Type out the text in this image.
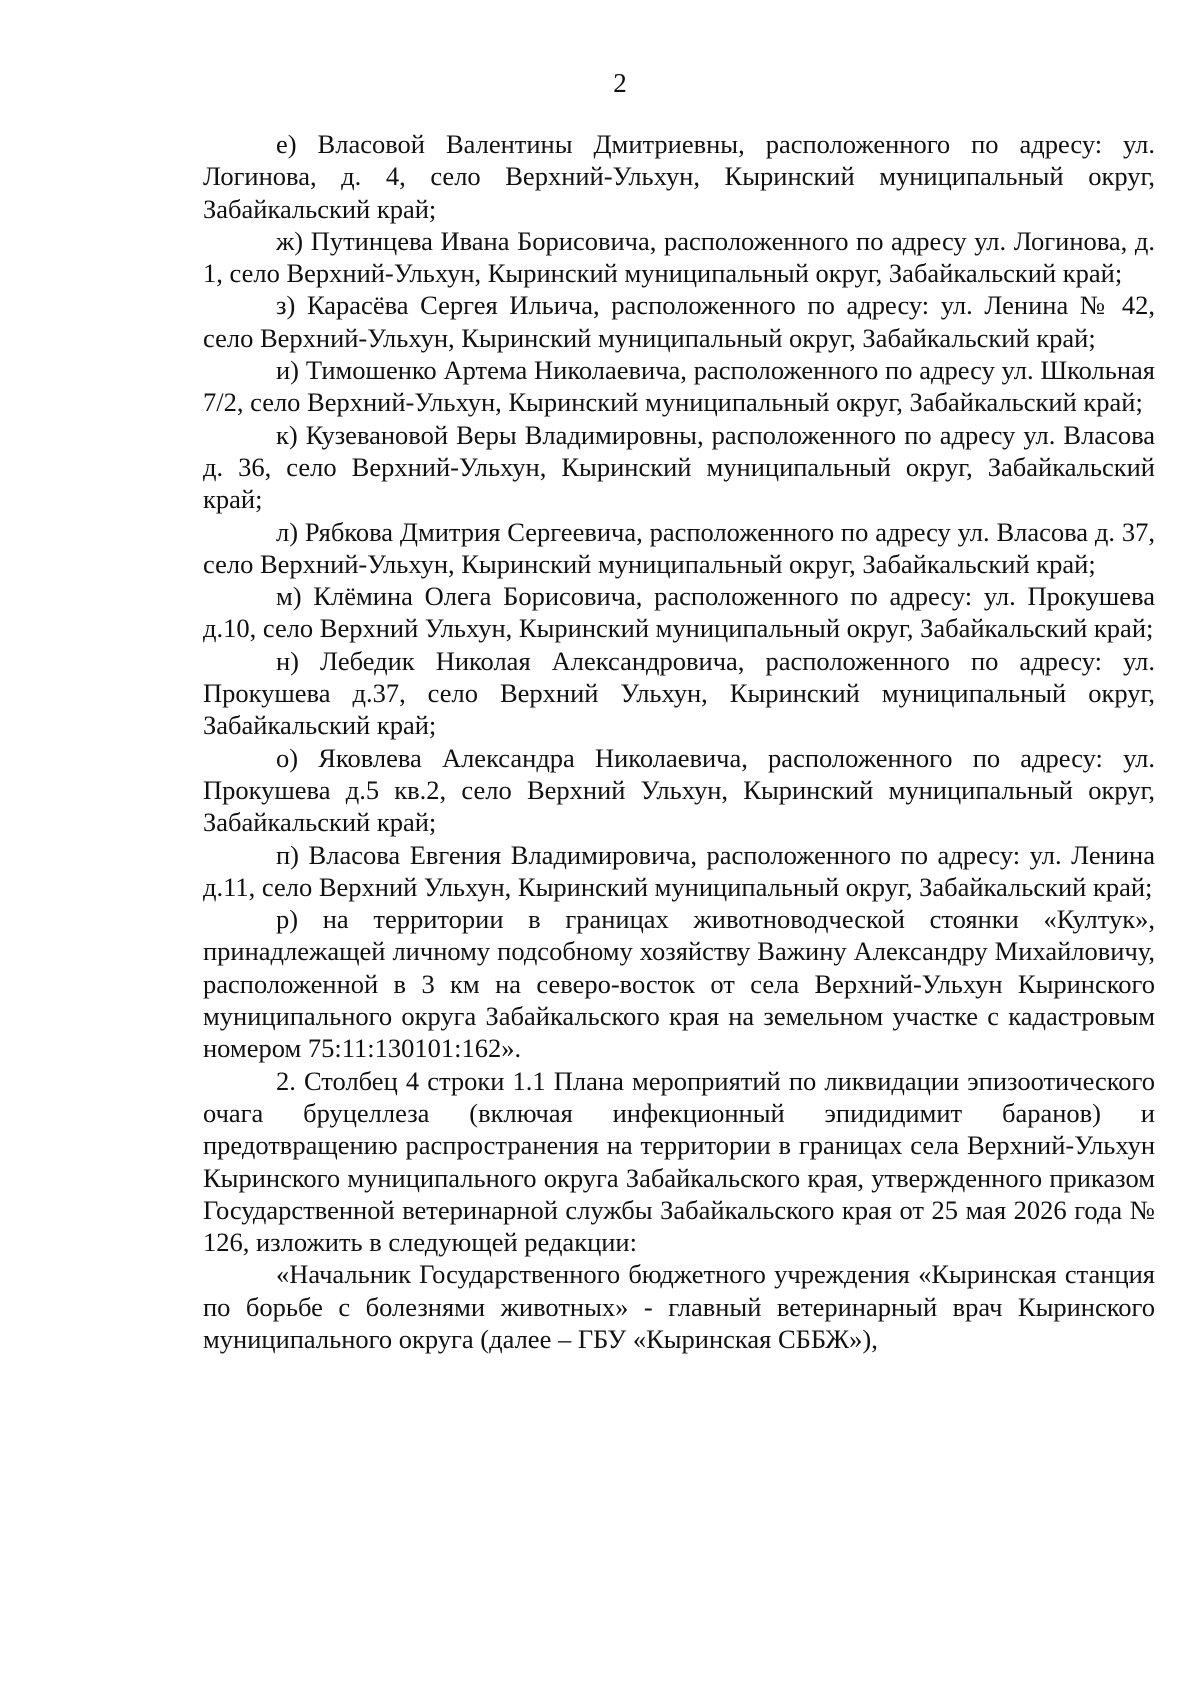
2

е) Власовой Валентины Дмитриевны, расположенного по адресу: ул. Логинова, д. 4, село Верхний-Ульхун, Кыринский муниципальный округ, Забайкальский край;

ж) Путинцева Ивана Борисовича, расположенного по адресу ул. Логинова, д. 1, село Верхний-Ульхун, Кыринский муниципальный округ, Забайкальский край;

з) Карасёва Сергея Ильича, расположенного по адресу: ул. Ленина № 42, село Верхний-Ульхун, Кыринский муниципальный округ, Забайкальский край;

и) Тимошенко Артема Николаевича, расположенного по адресу ул. Школьная 7/2, село Верхний-Ульхун, Кыринский муниципальный округ, Забайкальский край;

к) Кузевановой Веры Владимировны, расположенного по адресу ул. Власова д. 36, село Верхний-Ульхун, Кыринский муниципальный округ, Забайкальский край;

л) Рябкова Дмитрия Сергеевича, расположенного по адресу ул. Власова д. 37, село Верхний-Ульхун, Кыринский муниципальный округ, Забайкальский край;

м) Клёмина Олега Борисовича, расположенного по адресу: ул. Прокушева д.10, село Верхний Ульхун, Кыринский муниципальный округ, Забайкальский край;

н) Лебедик Николая Александровича, расположенного по адресу: ул. Прокушева д.37, село Верхний Ульхун, Кыринский муниципальный округ, Забайкальский край;

о) Яковлева Александра Николаевича, расположенного по адресу: ул. Прокушева д.5 кв.2, село Верхний Ульхун, Кыринский муниципальный округ, Забайкальский край;

п) Власова Евгения Владимировича, расположенного по адресу: ул. Ленина д.11, село Верхний Ульхун, Кыринский муниципальный округ, Забайкальский край;

р) на территории в границах животноводческой стоянки «Култук», принадлежащей личному подсобному хозяйству Важину Александру Михайловичу, расположенной в 3 км на северо-восток от села Верхний-Ульхун Кыринского муниципального округа Забайкальского края на земельном участке с кадастровым номером 75:11:130101:162».

2. Столбец 4 строки 1.1 Плана мероприятий по ликвидации эпизоотического очага бруцеллеза (включая инфекционный эпидидимит баранов) и предотвращению распространения на территории в границах села Верхний-Ульхун Кыринского муниципального округа Забайкальского края, утвержденного приказом Государственной ветеринарной службы Забайкальского края от 25 мая 2026 года № 126, изложить в следующей редакции:

«Начальник Государственного бюджетного учреждения «Кыринская станция по борьбе с болезнями животных» - главный ветеринарный врач Кыринского муниципального округа (далее – ГБУ «Кыринская СББЖ»),
